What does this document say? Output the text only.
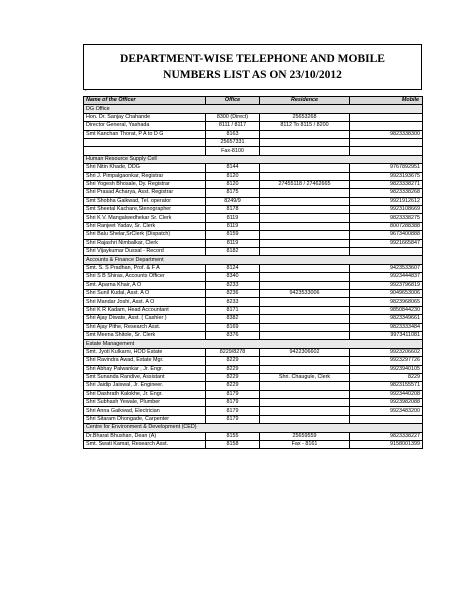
DEPARTMENT-WISE TELEPHONE AND MOBILE
NUMBERS LIST AS ON 23/10/2012
.
Name of the Officer	Office	Residence	Mobile
DG Office			
Hon. Dr. Sanjay Chahande	8300 (Direct)	25653268	
Director General, Yashada	8111 / 8117	8112 To 8115 / 8200	
Smt Kanchan Thorat, P A to D G	8163		9823338300
	25657331		
	Fax-8100		
Human Resource Supply Cell			
Shri Nitin Khade, DDG	8144		9767892951
Shri J. Pimpalgaonkar, Registrar	8120		9923193675
Shri Yogesh Bhosale, Dy. Registrar	8120	27455118 / 27462665	9823338271
Shri Prasad Acharya, Asst. Registrar	8175		9823338268
Smt Shobha Gaikwad, Tel. operator	8249/9		9921912612
Smt Sheetal Kachare,Stenographer	8178		9923108669
Shri K V. Mangalwedhekar Sr. Clerk	8119		9823338275
Shri Ranjeet Yadav, Sr. Clerk	8119		8007288388
Shri Balu Shelar,SrClerk (Dispatch)	8159		9673400888
Shri Rajashri Nimbalkar, Clerk	8119		9921665847
Shri Vijaykumar Dussal - Record	8182		
Accounts & Finance Department			
Smt. S. S Pradhan, Prof. & F A	8124		9423533607
Shri S B Shiras, Accounts Officer	8340		9923444837
Smt. Aparna Khair, A O	8233		9923796819
Shri Sunil Kudal, Asst. A O	8236	9423533006	9049653006
Shri Mandar Joshi, Asst. A O	8233		9823968065
Shri K R Kadam, Head Accountant	8171		9850844230
Shri Ajay Diwate, Asst. ( Cashier )	8382		9823349661
Shri Ajay Pithe, Research Asst.	8169		9823333484
Smt Meena Shitole, Sr. Clerk	8376		9973411081
Estate Management			
Smt. Jyoti Kulkarni, HOD Estate	8229/8278	9422306602	9923206602
Shri Ravindra Awad, Estate Mgr.	8229		9923297726
Shri Abhay Palwankar , Jr. Engr.	8229		9923940105
Smt Sunanda Randive, Assistant	8229	Shri. Chaugule, Clerk	8229
Shri Jaidip Jaiswal, Jr. Engineer.	8229		9823155571
Shri Dashrath Kalokhe, Jr. Engr.	8179		9923440208
Shri Subhash Yewale, Plumber	8179		9923982088
Shri Anna Gaikwad, Electrician	8179		9923483200
Shri Sitaram Dhongade, Carpenter	8179		
Centre for Environment & Development (CED)			
Dr.Bharat Bhushan, Dean (A)	8155	25659559	9823338227
Smt. Swati Kamat, Research Asst.	8158	Fax - 8161	9158001399
